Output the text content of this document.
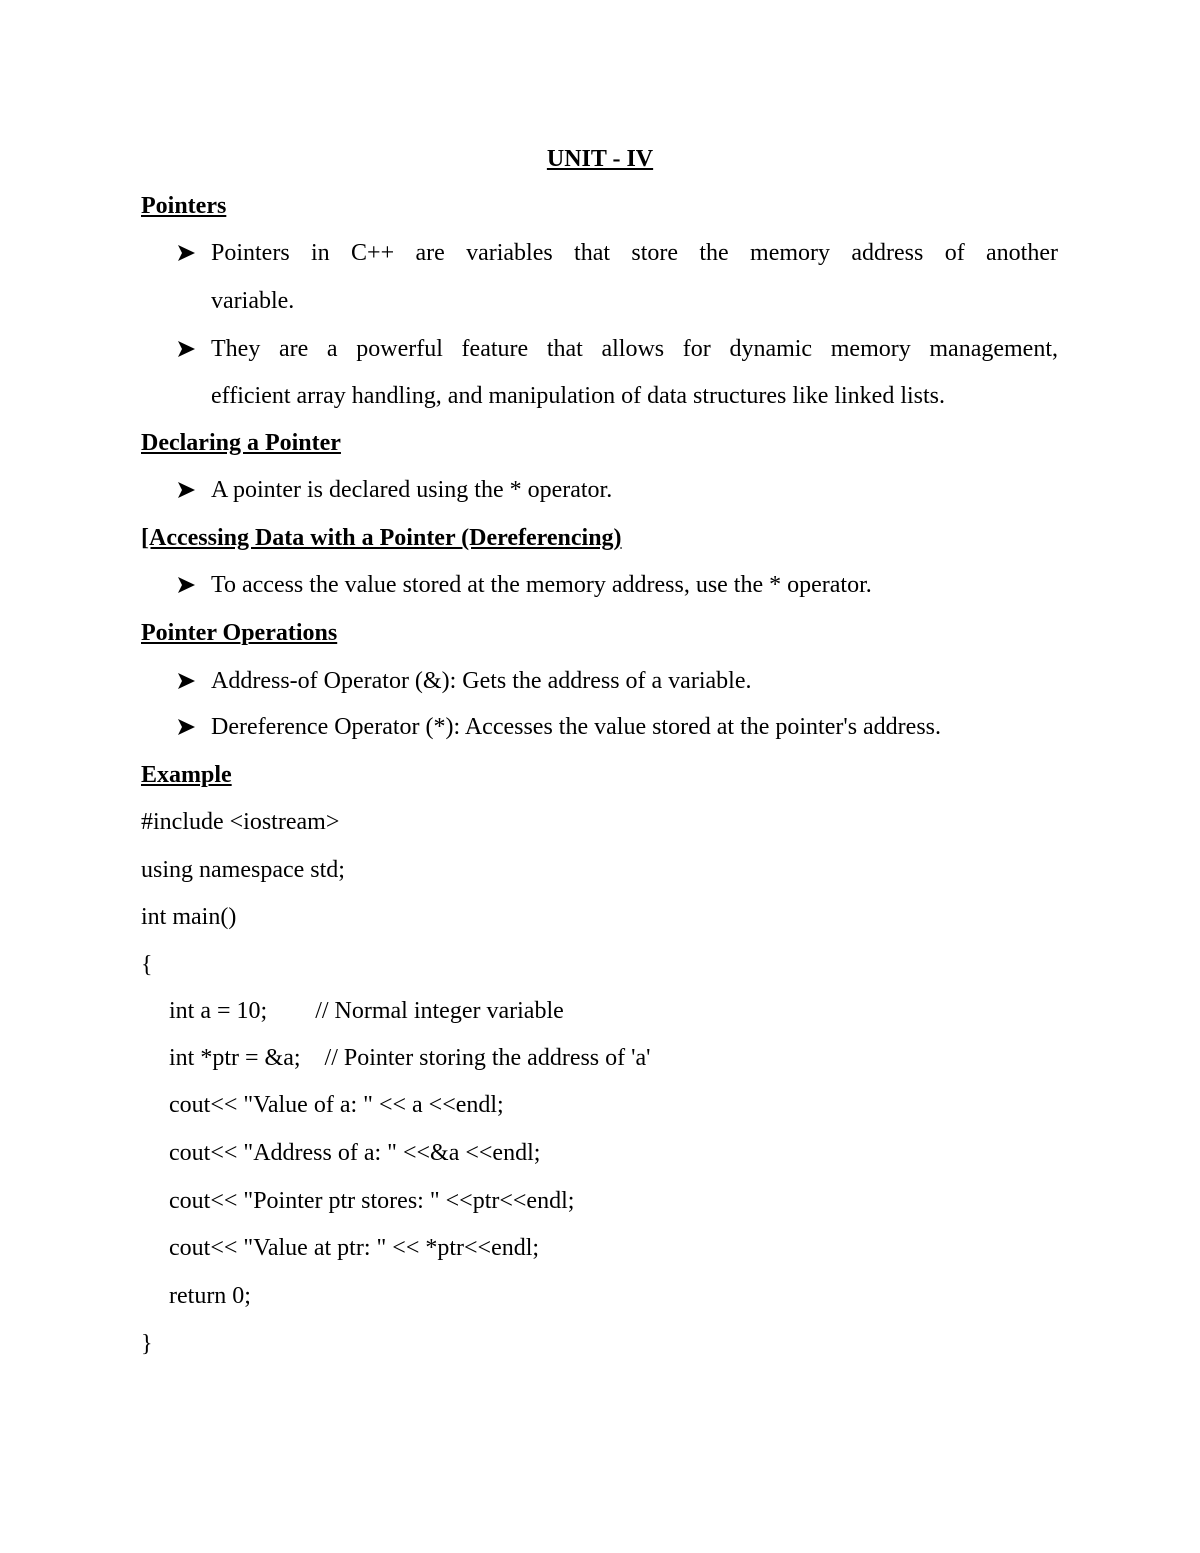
UNIT - IV
Pointers
Pointers in C++ are variables that store the memory address of another
variable.
They are a powerful feature that allows for dynamic memory management,
efficient array handling, and manipulation of data structures like linked lists.
Declaring a Pointer
A pointer is declared using the * operator.
[Accessing Data with a Pointer (Dereferencing)
To access the value stored at the memory address, use the * operator.
Pointer Operations
Address-of Operator (&): Gets the address of a variable.
Dereference Operator (*): Accesses the value stored at the pointer's address.
Example
#include <iostream>
using namespace std;
int main()
{
int a = 10;        // Normal integer variable
int *ptr = &a;    // Pointer storing the address of 'a'
cout<< "Value of a: " << a <<endl;
cout<< "Address of a: " <<&a <<endl;
cout<< "Pointer ptr stores: " <<ptr<<endl;
cout<< "Value at ptr: " << *ptr<<endl;
return 0;
}
